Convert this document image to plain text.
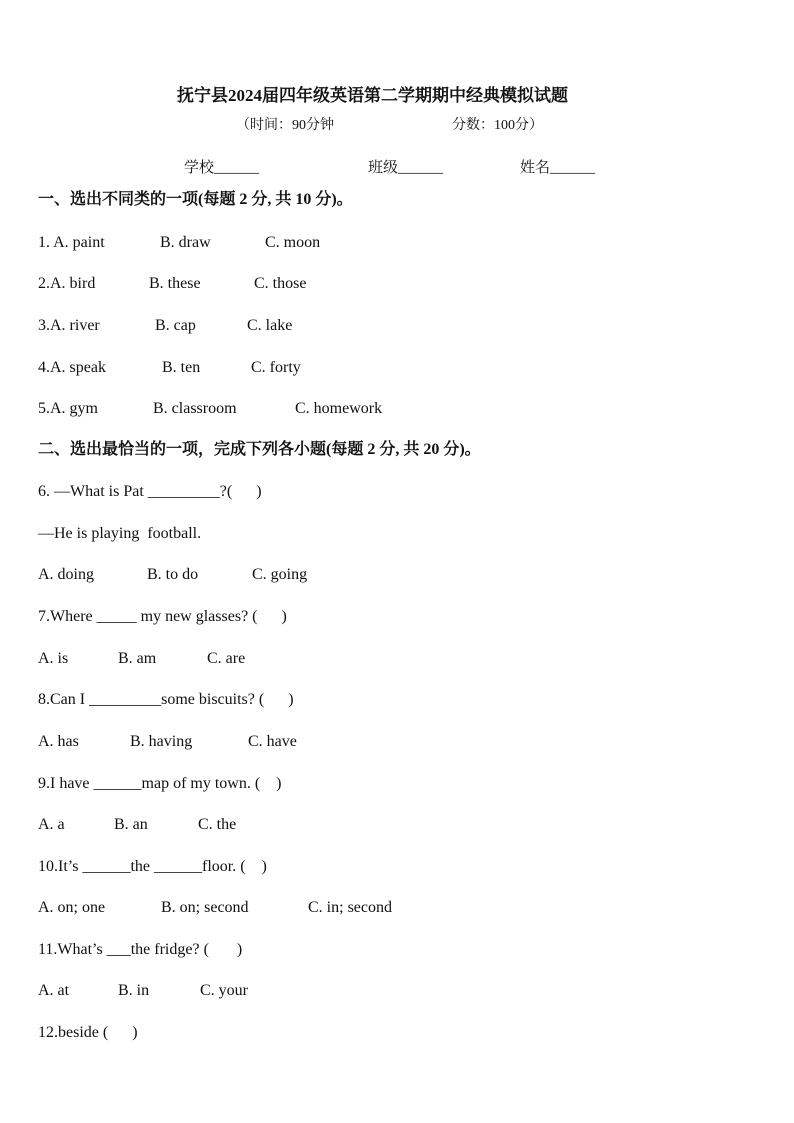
抚宁县2024届四年级英语第二学期期中经典模拟试题
（时间：90分钟	分数：100分）
学校______	班级______	姓名______
一、选出不同类的一项(每题 2 分, 共 10 分)。
1. A. paint	B. draw	C. moon
2.A. bird	B. these	C. those
3.A. river	B. cap	C. lake
4.A. speak	B. ten	C. forty
5.A. gym	B. classroom	C. homework
二、选出最恰当的一项，完成下列各小题(每题 2 分, 共 20 分)。
6. —What is Pat _________?(      )
—He is playing  football.
A. doing	B. to do	C. going
7.Where _____ my new glasses? (      )
A. is	B. am	C. are
8.Can I _________some biscuits? (      )
A. has	B. having	C. have
9.I have ______map of my town. (    )
A. a	B. an	C. the
10.It’s ______the ______floor. (    )
A. on; one	B. on; second	C. in; second
11.What’s ___the fridge? (       )
A. at	B. in	C. your
12.beside (      )
